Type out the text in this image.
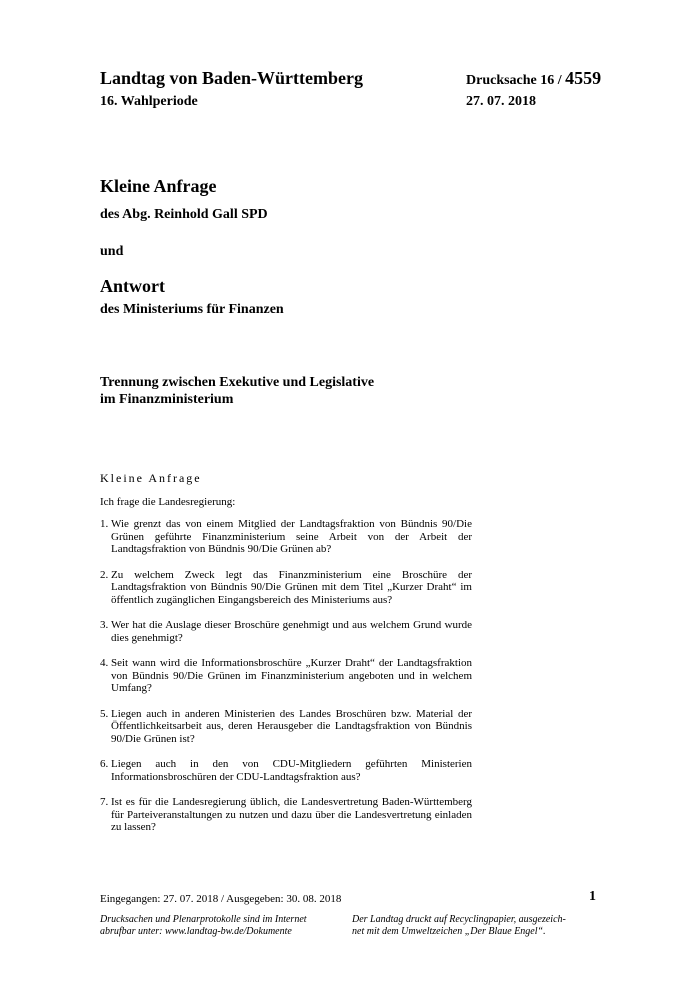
Landtag von Baden-Württemberg
16. Wahlperiode
Drucksache 16 / 4559
27. 07. 2018
Kleine Anfrage
des Abg. Reinhold Gall SPD
und
Antwort
des Ministeriums für Finanzen
Trennung zwischen Exekutive und Legislative
im Finanzministerium
Kleine Anfrage
Ich frage die Landesregierung:
1. Wie grenzt das von einem Mitglied der Landtagsfraktion von Bündnis 90/Die Grünen geführte Finanzministerium seine Arbeit von der Arbeit der Landtagsfraktion von Bündnis 90/Die Grünen ab?
2. Zu welchem Zweck legt das Finanzministerium eine Broschüre der Landtagsfraktion von Bündnis 90/Die Grünen mit dem Titel „Kurzer Draht“ im öffentlich zugänglichen Eingangsbereich des Ministeriums aus?
3. Wer hat die Auslage dieser Broschüre genehmigt und aus welchem Grund wurde dies genehmigt?
4. Seit wann wird die Informationsbroschüre „Kurzer Draht“ der Landtagsfraktion von Bündnis 90/Die Grünen im Finanzministerium angeboten und in welchem Umfang?
5. Liegen auch in anderen Ministerien des Landes Broschüren bzw. Material der Öffentlichkeitsarbeit aus, deren Herausgeber die Landtagsfraktion von Bündnis 90/Die Grünen ist?
6. Liegen auch in den von CDU-Mitgliedern geführten Ministerien Informationsbroschüren der CDU-Landtagsfraktion aus?
7. Ist es für die Landesregierung üblich, die Landesvertretung Baden-Württemberg für Parteiveranstaltungen zu nutzen und dazu über die Landesvertretung einladen zu lassen?
Eingegangen: 27. 07. 2018 / Ausgegeben: 30. 08. 2018	1
Drucksachen und Plenarprotokolle sind im Internet
abrufbar unter: www.landtag-bw.de/Dokumente
Der Landtag druckt auf Recyclingpapier, ausgezeich-
net mit dem Umweltzeichen „Der Blaue Engel“.
